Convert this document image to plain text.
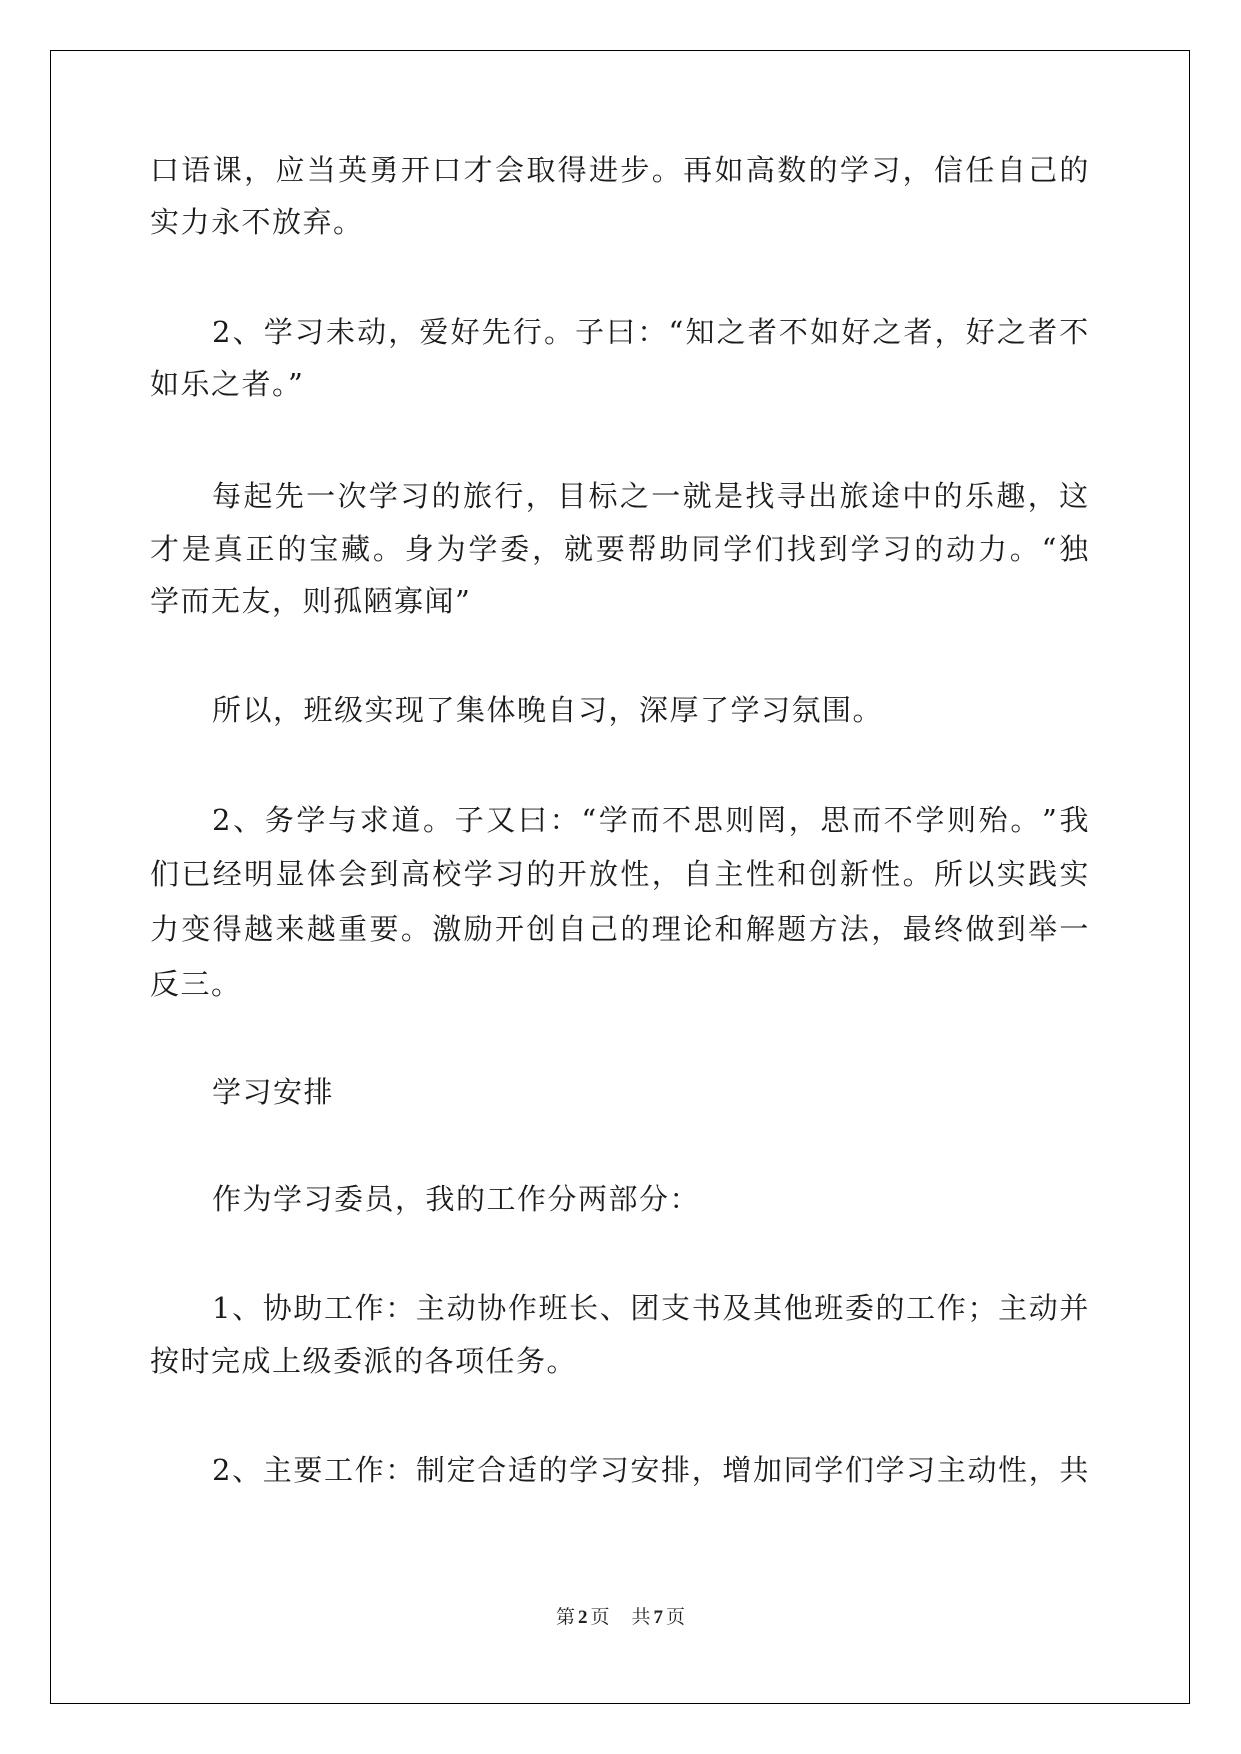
口 语 课 ， 应 当 英 勇 开 口 才 会 取 得 进 步 。 再 如 高 数 的 学 习 ， 信 任 自 己 的

实力永不放弃。

2 、 学 习 未 动 ， 爱 好 先 行 。 子 曰 ： “ 知 之 者 不 如 好 之 者 ， 好 之 者 不

如乐之者。”

每 起 先 一 次 学 习 的 旅 行 ， 目 标 之 一 就 是 找 寻 出 旅 途 中 的 乐 趣 ， 这

才 是 真 正 的 宝 藏 。 身 为 学 委 ， 就 要 帮 助 同 学 们 找 到 学 习 的 动 力 。 “ 独

学而无友，则孤陋寡闻”

所以，班级实现了集体晚自习，深厚了学习氛围。

2 、 务 学 与 求 道 。 子 又 曰 ： “ 学 而 不 思 则 罔 ， 思 而 不 学 则 殆 。 ” 我

们 已 经 明 显 体 会 到 高 校 学 习 的 开 放 性 ， 自 主 性 和 创 新 性 。 所 以 实 践 实

力 变 得 越 来 越 重 要 。 激 励 开 创 自 己 的 理 论 和 解 题 方 法 ， 最 终 做 到 举 一

反三。

学习安排

作为学习委员，我的工作分两部分：

1 、 协 助 工 作 ： 主 动 协 作 班 长 、 团 支 书 及 其 他 班 委 的 工 作 ； 主 动 并

按时完成上级委派的各项任务。

2 、 主 要 工 作 ： 制 定 合 适 的 学 习 安 排 ， 增 加 同 学 们 学 习 主 动 性 ， 共

第 2 页 共 7 页
